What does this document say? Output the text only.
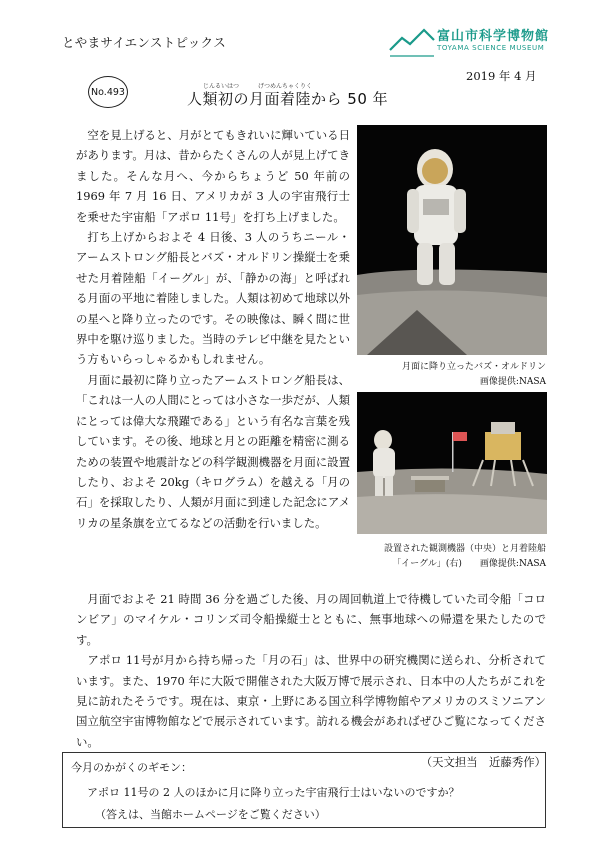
とやまサイエンストピックス	富山市科学博物館
TOYAMA SCIENCE MUSEUM
2019 年 4 月
No.493	じんるいはつ	げつめんちゃくりく
人類初の月面着陸から 50 年

空を見上げると、月がとてもきれいに輝いている日があります。月は、昔からたくさんの人が見上げてきました。そんな月へ、今からちょうど 50 年前の 1969 年 7 月 16 日、アメリカが 3 人の宇宙飛行士を乗せた宇宙船「アポロ 11号」を打ち上げました。

打ち上げからおよそ 4 日後、3 人のうちニール・アームストロング船長とバズ・オルドリン操縦士を乗せた月着陸船「イーグル」が、「静かの海」と呼ばれる月面の平地に着陸しました。人類は初めて地球以外の星へと降り立ったのです。その映像は、瞬く間に世界中を駆け巡りました。当時のテレビ中継を見たという方もいらっしゃるかもしれません。

月面に最初に降り立ったアームストロング船長は、「これは一人の人間にとっては小さな一歩だが、人類にとっては偉大な飛躍である」という有名な言葉を残しています。その後、地球と月との距離を精密に測るための装置や地震計などの科学観測機器を月面に設置したり、およそ 20kg（キログラム）を越える「月の石」を採取したり、人類が月面に到達した記念にアメリカの星条旗を立てるなどの活動を行いました。

月面に降り立ったバズ・オルドリン
画像提供:NASA
設置された観測機器（中央）と月着陸船
「イーグル」(右)　　画像提供:NASA

月面でおよそ 21 時間 36 分を過ごした後、月の周回軌道上で待機していた司令船「コロンビア」のマイケル・コリンズ司令船操縦士とともに、無事地球への帰還を果たしたのです。

アポロ 11号が月から持ち帰った「月の石」は、世界中の研究機関に送られ、分析されています。また、1970 年に大阪で開催された大阪万博で展示され、日本中の人たちがこれを見に訪れたそうです。現在は、東京・上野にある国立科学博物館やアメリカのスミソニアン国立航空宇宙博物館などで展示されています。訪れる機会があればぜひご覧になってください。

（天文担当　近藤秀作）
今月のかがくのギモン：
アポロ 11号の 2 人のほかに月に降り立った宇宙飛行士はいないのですか？
（答えは、当館ホームページをご覧ください）
